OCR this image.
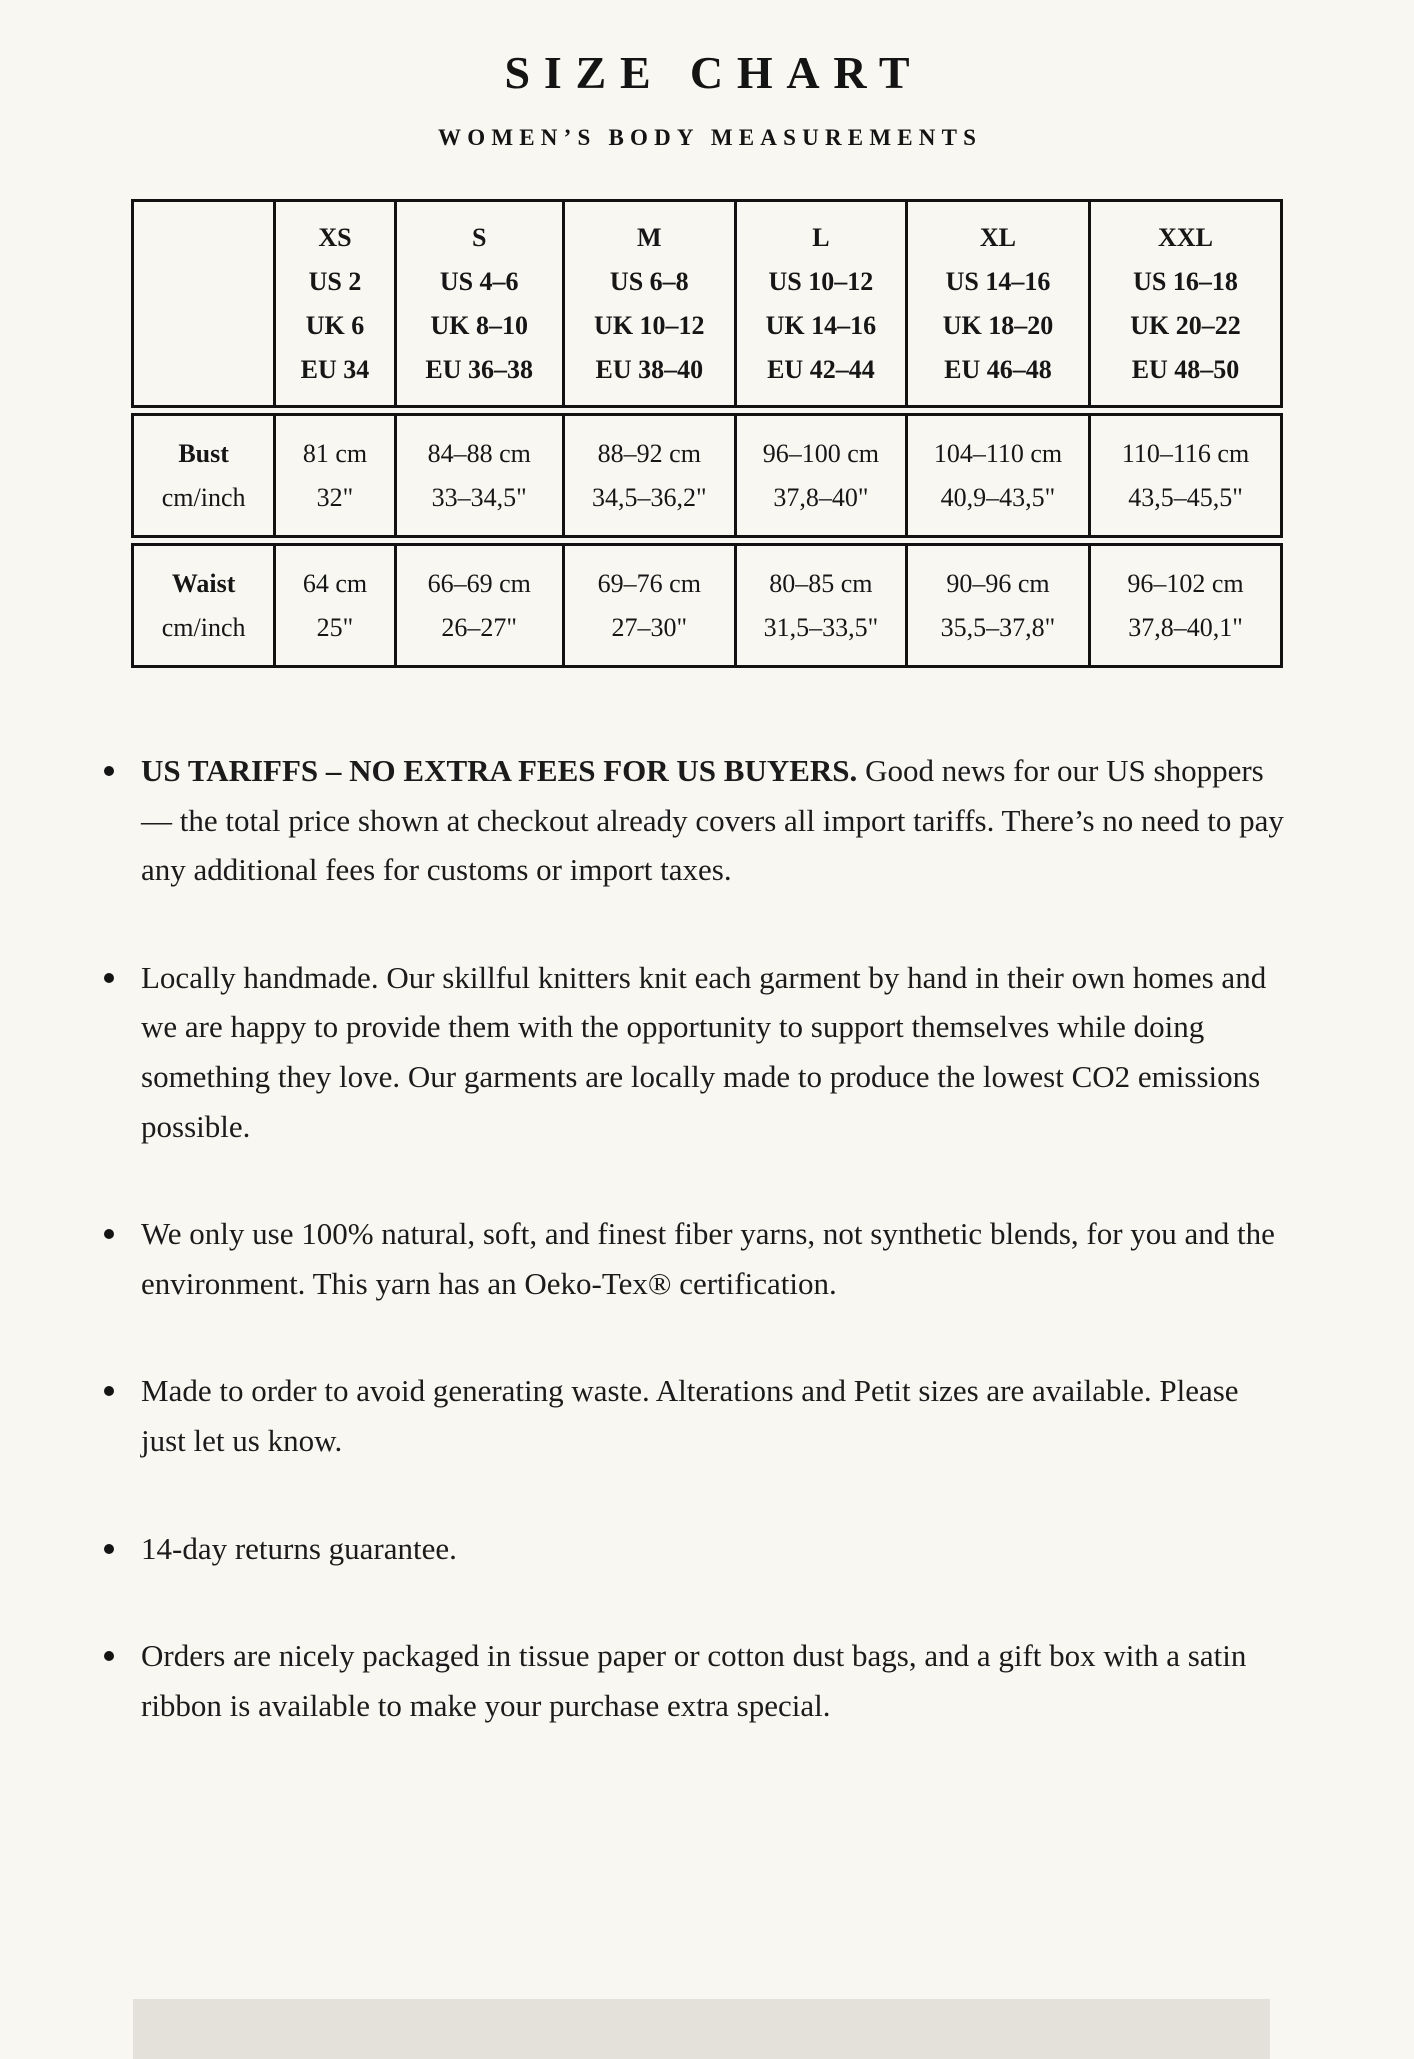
SIZE CHART
WOMEN’S BODY MEASUREMENTS
XS
US 2
UK 6
EU 34
S
US 4–6
UK 8–10
EU 36–38
M
US 6–8
UK 10–12
EU 38–40
L
US 10–12
UK 14–16
EU 42–44
XL
US 14–16
UK 18–20
EU 46–48
XXL
US 16–18
UK 20–22
EU 48–50
Bust
cm/inch
81 cm
32"
84–88 cm
33–34,5"
88–92 cm
34,5–36,2"
96–100 cm
37,8–40"
104–110 cm
40,9–43,5"
110–116 cm
43,5–45,5"
Waist
cm/inch
64 cm
25"
66–69 cm
26–27"
69–76 cm
27–30"
80–85 cm
31,5–33,5"
90–96 cm
35,5–37,8"
96–102 cm
37,8–40,1"
US TARIFFS – NO EXTRA FEES FOR US BUYERS. Good news for our US shoppers — the total price shown at checkout already covers all import tariffs. There’s no need to pay any additional fees for customs or import taxes.
Locally handmade. Our skillful knitters knit each garment by hand in their own homes and we are happy to provide them with the opportunity to support themselves while doing something they love. Our garments are locally made to produce the lowest CO2 emissions possible.
We only use 100% natural, soft, and finest fiber yarns, not synthetic blends, for you and the environment. This yarn has an Oeko-Tex® certification.
Made to order to avoid generating waste. Alterations and Petit sizes are available. Please just let us know.
14-day returns guarantee.
Orders are nicely packaged in tissue paper or cotton dust bags, and a gift box with a satin ribbon is available to make your purchase extra special.
